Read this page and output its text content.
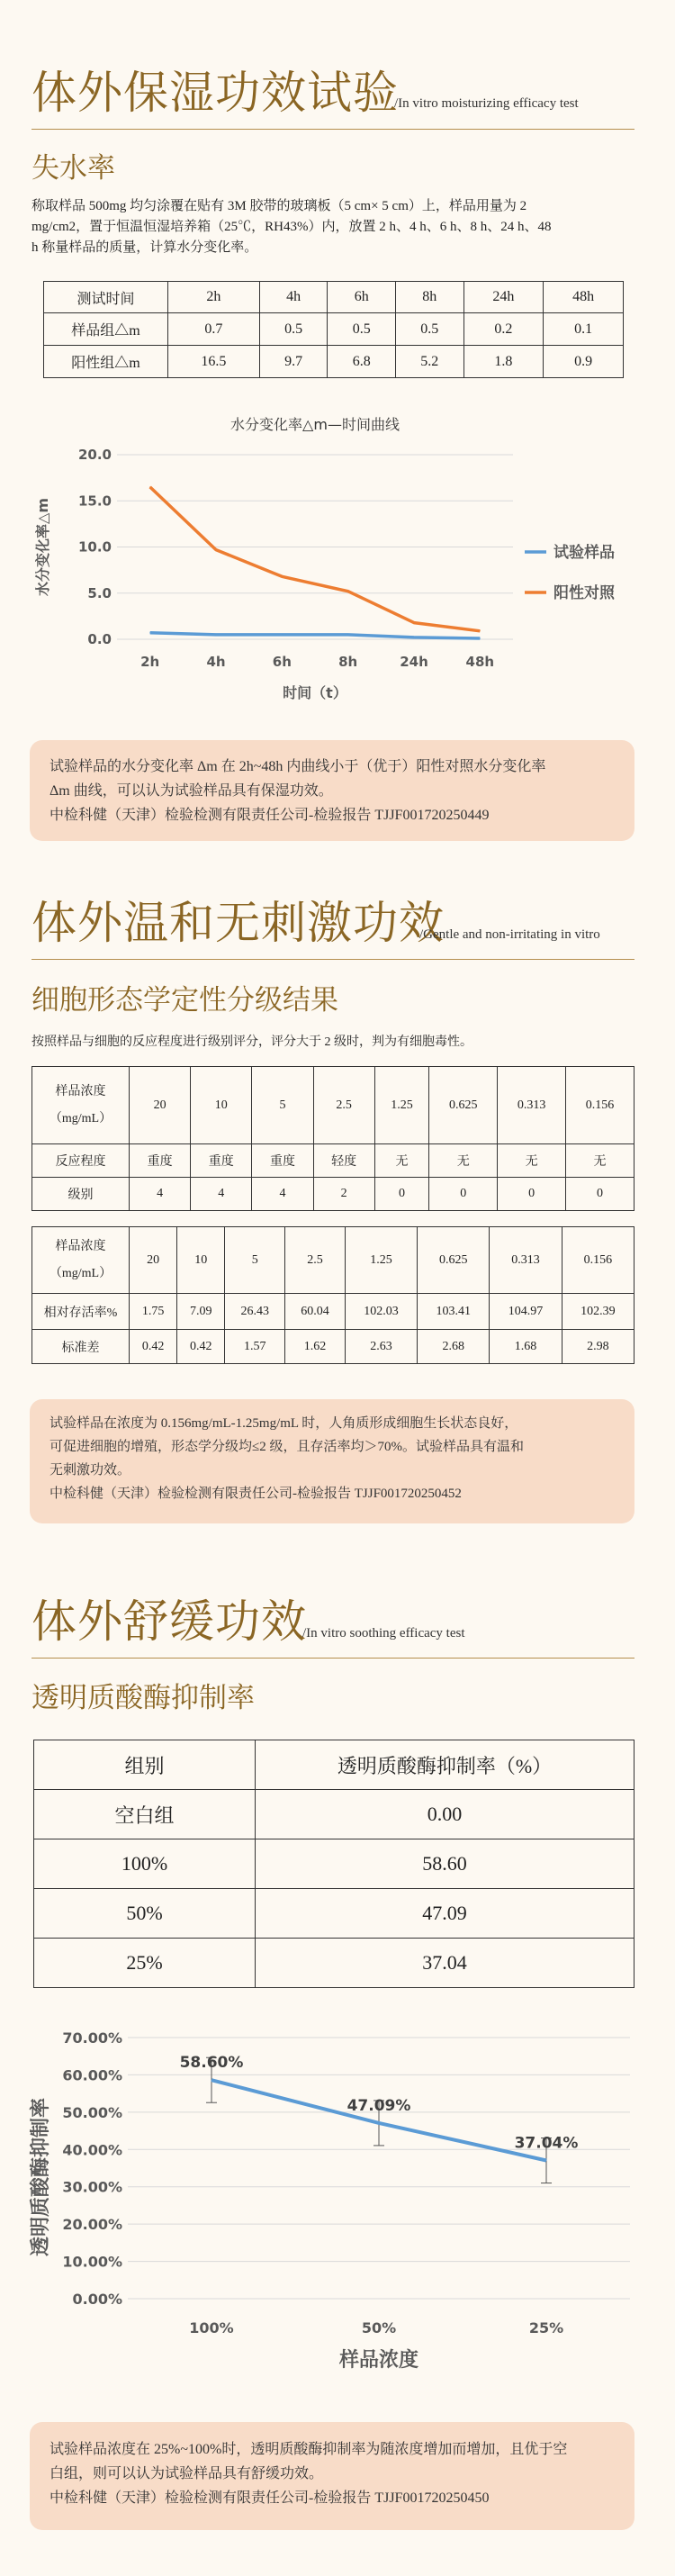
体外保湿功效试验
/In vitro moisturizing efficacy test
失水率
称取样品 500mg 均匀涂覆在贴有 3M 胶带的玻璃板（5 cm× 5 cm）上，样品用量为 2
mg/cm2，置于恒温恒湿培养箱（25℃，RH43%）内，放置 2 h、4 h、6 h、8 h、24 h、48
h 称量样品的质量，计算水分变化率。
测试时间	2h	4h	6h	8h	24h	48h
样品组△m	0.7	0.5	0.5	0.5	0.2	0.1
阳性组△m	16.5	9.7	6.8	5.2	1.8	0.9
水分变化率△m—时间曲线
0.0
5.0
10.0
15.0
20.0
2h	4h	6h	8h	24h	48h
时间（t）
水分变化率△m	试验样品
阳性对照
试验样品的水分变化率 Δm 在 2h~48h 内曲线小于（优于）阳性对照水分变化率
Δm 曲线，可以认为试验样品具有保湿功效。
中检科健（天津）检验检测有限责任公司-检验报告 TJJF001720250449
体外温和无刺激功效
/Gentle and non-irritating in vitro
细胞形态学定性分级结果
按照样品与细胞的反应程度进行级别评分，评分大于 2 级时，判为有细胞毒性。
样品浓度
（mg/mL）	20	10	5	2.5	1.25	0.625	0.313	0.156
反应程度	重度	重度	重度	轻度	无	无	无	无
级别	4	4	4	2	0	0	0	0
样品浓度
（mg/mL）	20	10	5	2.5	1.25	0.625	0.313	0.156
相对存活率%	1.75	7.09	26.43	60.04	102.03	103.41	104.97	102.39
标准差	0.42	0.42	1.57	1.62	2.63	2.68	1.68	2.98
试验样品在浓度为 0.156mg/mL-1.25mg/mL 时，人角质形成细胞生长状态良好，
可促进细胞的增殖，形态学分级均≤2 级，且存活率均＞70%。试验样品具有温和
无刺激功效。
中检科健（天津）检验检测有限责任公司-检验报告 TJJF001720250452
体外舒缓功效
/In vitro soothing efficacy test
透明质酸酶抑制率
组别	透明质酸酶抑制率（%）
空白组	0.00
100%	58.60
50%	47.09
25%	37.04
0.00%
10.00%
20.00%
30.00%
40.00%
50.00%
60.00%
70.00%
100%	50%	25%
样品浓度
透明质酸酶抑制率
58.60%
47.09%
37.04%
试验样品浓度在 25%~100%时，透明质酸酶抑制率为随浓度增加而增加，且优于空
白组，则可以认为试验样品具有舒缓功效。
中检科健（天津）检验检测有限责任公司-检验报告 TJJF001720250450
